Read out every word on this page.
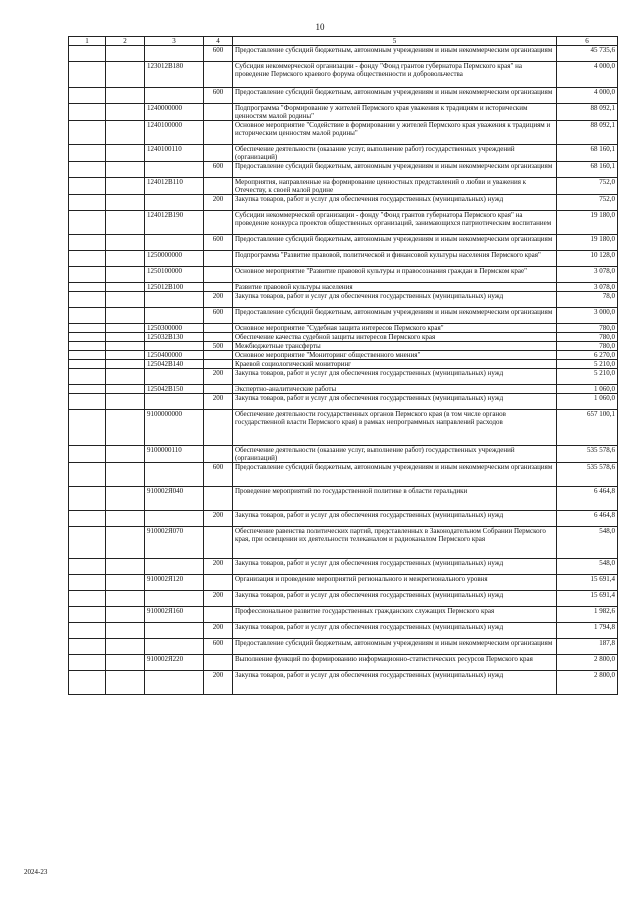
10
1	2	3	4	5	6
			600	Предоставление субсидий бюджетным, автономным учреждениям и иным некоммерческим организациям	45 735,6
		123012В180		Субсидия некоммерческой организации - фонду "Фонд грантов губернатора Пермского края" на проведение Пермского краевого форума общественности и добровольчества	4 000,0
			600	Предоставление субсидий бюджетным, автономным учреждениям и иным некоммерческим организациям	4 000,0
		1240000000		Подпрограмма "Формирование у жителей Пермского края уважения к традициям и историческим ценностям малой родины"	88 092,1
		1240100000		Основное мероприятие "Содействие в формировании у жителей Пермского края уважения к традициям и историческим ценностям малой родины"	88 092,1
		1240100110		Обеспечение деятельности (оказание услуг, выполнение работ) государственных учреждений (организаций)	68 160,1
			600	Предоставление субсидий бюджетным, автономным учреждениям и иным некоммерческим организациям	68 160,1
		124012В110		Мероприятия, направленные на формирование ценностных представлений о любви и уважения к Отечеству, к своей малой родине	752,0
			200	Закупка товаров, работ и услуг для обеспечения государственных (муниципальных) нужд	752,0
		124012В190		Субсидии некоммерческой организации - фонду "Фонд грантов губернатора Пермского края" на проведение конкурса проектов общественных организаций, занимающихся патриотическим воспитанием	19 180,0
			600	Предоставление субсидий бюджетным, автономным учреждениям и иным некоммерческим организациям	19 180,0
		1250000000		Подпрограмма "Развитие правовой, политической и финансовой культуры населения Пермского края"	10 128,0
		1250100000		Основное мероприятие "Развитие правовой культуры и правосознания граждан в Пермском крае"	3 078,0
		125012В100		Развитие правовой культуры населения	3 078,0
			200	Закупка товаров, работ и услуг для обеспечения государственных (муниципальных) нужд	78,0
			600	Предоставление субсидий бюджетным, автономным учреждениям и иным некоммерческим организациям	3 000,0
		1250300000		Основное мероприятие "Судебная защита интересов Пермского края"	780,0
		125032В130		Обеспечение качества судебной защиты интересов Пермского края	780,0
			500	Межбюджетные трансферты	780,0
		1250400000		Основное мероприятие "Мониторинг общественного мнения"	6 270,0
		125042В140		Краевой социологический мониторинг	5 210,0
			200	Закупка товаров, работ и услуг для обеспечения государственных (муниципальных) нужд	5 210,0
		125042В150		Экспертно-аналитические работы	1 060,0
			200	Закупка товаров, работ и услуг для обеспечения государственных (муниципальных) нужд	1 060,0
		9100000000		Обеспечение деятельности государственных органов Пермского края (в том числе органов государственной власти Пермского края) в рамках непрограммных направлений расходов	657 100,1
		9100000110		Обеспечение деятельности (оказание услуг, выполнение работ) государственных учреждений (организаций)	535 578,6
			600	Предоставление субсидий бюджетным, автономным учреждениям и иным некоммерческим организациям	535 578,6
		910002Я040		Проведение мероприятий по государственной политике в области геральдики	6 464,8
			200	Закупка товаров, работ и услуг для обеспечения государственных (муниципальных) нужд	6 464,8
		910002Я070		Обеспечение равенства политических партий, представленных в Законодательном Собрании Пермского края, при освещении их деятельности телеканалом и радиоканалом Пермского края	548,0
			200	Закупка товаров, работ и услуг для обеспечения государственных (муниципальных) нужд	548,0
		910002Я120		Организация и проведение мероприятий регионального и межрегионального уровня	15 691,4
			200	Закупка товаров, работ и услуг для обеспечения государственных (муниципальных) нужд	15 691,4
		910002Я160		Профессиональное развитие государственных гражданских служащих Пермского края	1 982,6
			200	Закупка товаров, работ и услуг для обеспечения государственных (муниципальных) нужд	1 794,8
			600	Предоставление субсидий бюджетным, автономным учреждениям и иным некоммерческим организациям	187,8
		910002Я220		Выполнение функций по формированию информационно-статистических ресурсов Пермского края	2 800,0
			200	Закупка товаров, работ и услуг для обеспечения государственных (муниципальных) нужд	2 800,0
2024-23
